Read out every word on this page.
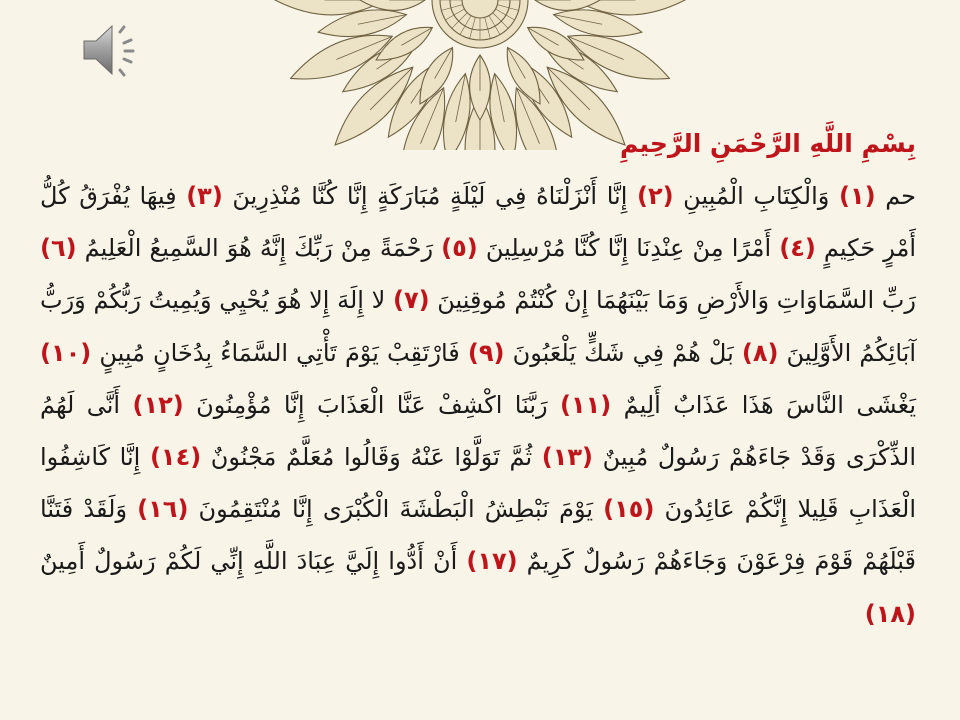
بِسْمِ اللَّهِ الرَّحْمَنِ الرَّحِيمِ
حم (١) وَالْكِتَابِ الْمُبِينِ (٢) إِنَّا أَنْزَلْنَاهُ فِي لَيْلَةٍ مُبَارَكَةٍ إِنَّا كُنَّا مُنْذِرِينَ (٣) فِيهَا يُفْرَقُ كُلُّ أَمْرٍ حَكِيمٍ (٤) أَمْرًا مِنْ عِنْدِنَا إِنَّا كُنَّا مُرْسِلِينَ (٥) رَحْمَةً مِنْ رَبِّكَ إِنَّهُ هُوَ السَّمِيعُ الْعَلِيمُ (٦) رَبِّ السَّمَاوَاتِ وَالأَرْضِ وَمَا بَيْنَهُمَا إِنْ كُنْتُمْ مُوقِنِينَ (٧) لا إِلَهَ إِلا هُوَ يُحْيِي وَيُمِيتُ رَبُّكُمْ وَرَبُّ آبَائِكُمُ الأَوَّلِينَ (٨) بَلْ هُمْ فِي شَكٍّ يَلْعَبُونَ (٩) فَارْتَقِبْ يَوْمَ تَأْتِي السَّمَاءُ بِدُخَانٍ مُبِينٍ (١٠) يَغْشَى النَّاسَ هَذَا عَذَابٌ أَلِيمٌ (١١) رَبَّنَا اكْشِفْ عَنَّا الْعَذَابَ إِنَّا مُؤْمِنُونَ (١٢) أَنَّى لَهُمُ الذِّكْرَى وَقَدْ جَاءَهُمْ رَسُولٌ مُبِينٌ (١٣) ثُمَّ تَوَلَّوْا عَنْهُ وَقَالُوا مُعَلَّمٌ مَجْنُونٌ (١٤) إِنَّا كَاشِفُوا الْعَذَابِ قَلِيلا إِنَّكُمْ عَائِدُونَ (١٥) يَوْمَ نَبْطِشُ الْبَطْشَةَ الْكُبْرَى إِنَّا مُنْتَقِمُونَ (١٦) وَلَقَدْ فَتَنَّا قَبْلَهُمْ قَوْمَ فِرْعَوْنَ وَجَاءَهُمْ رَسُولٌ كَرِيمٌ (١٧) أَنْ أَدُّوا إِلَيَّ عِبَادَ اللَّهِ إِنِّي لَكُمْ رَسُولٌ أَمِينٌ (١٨)
